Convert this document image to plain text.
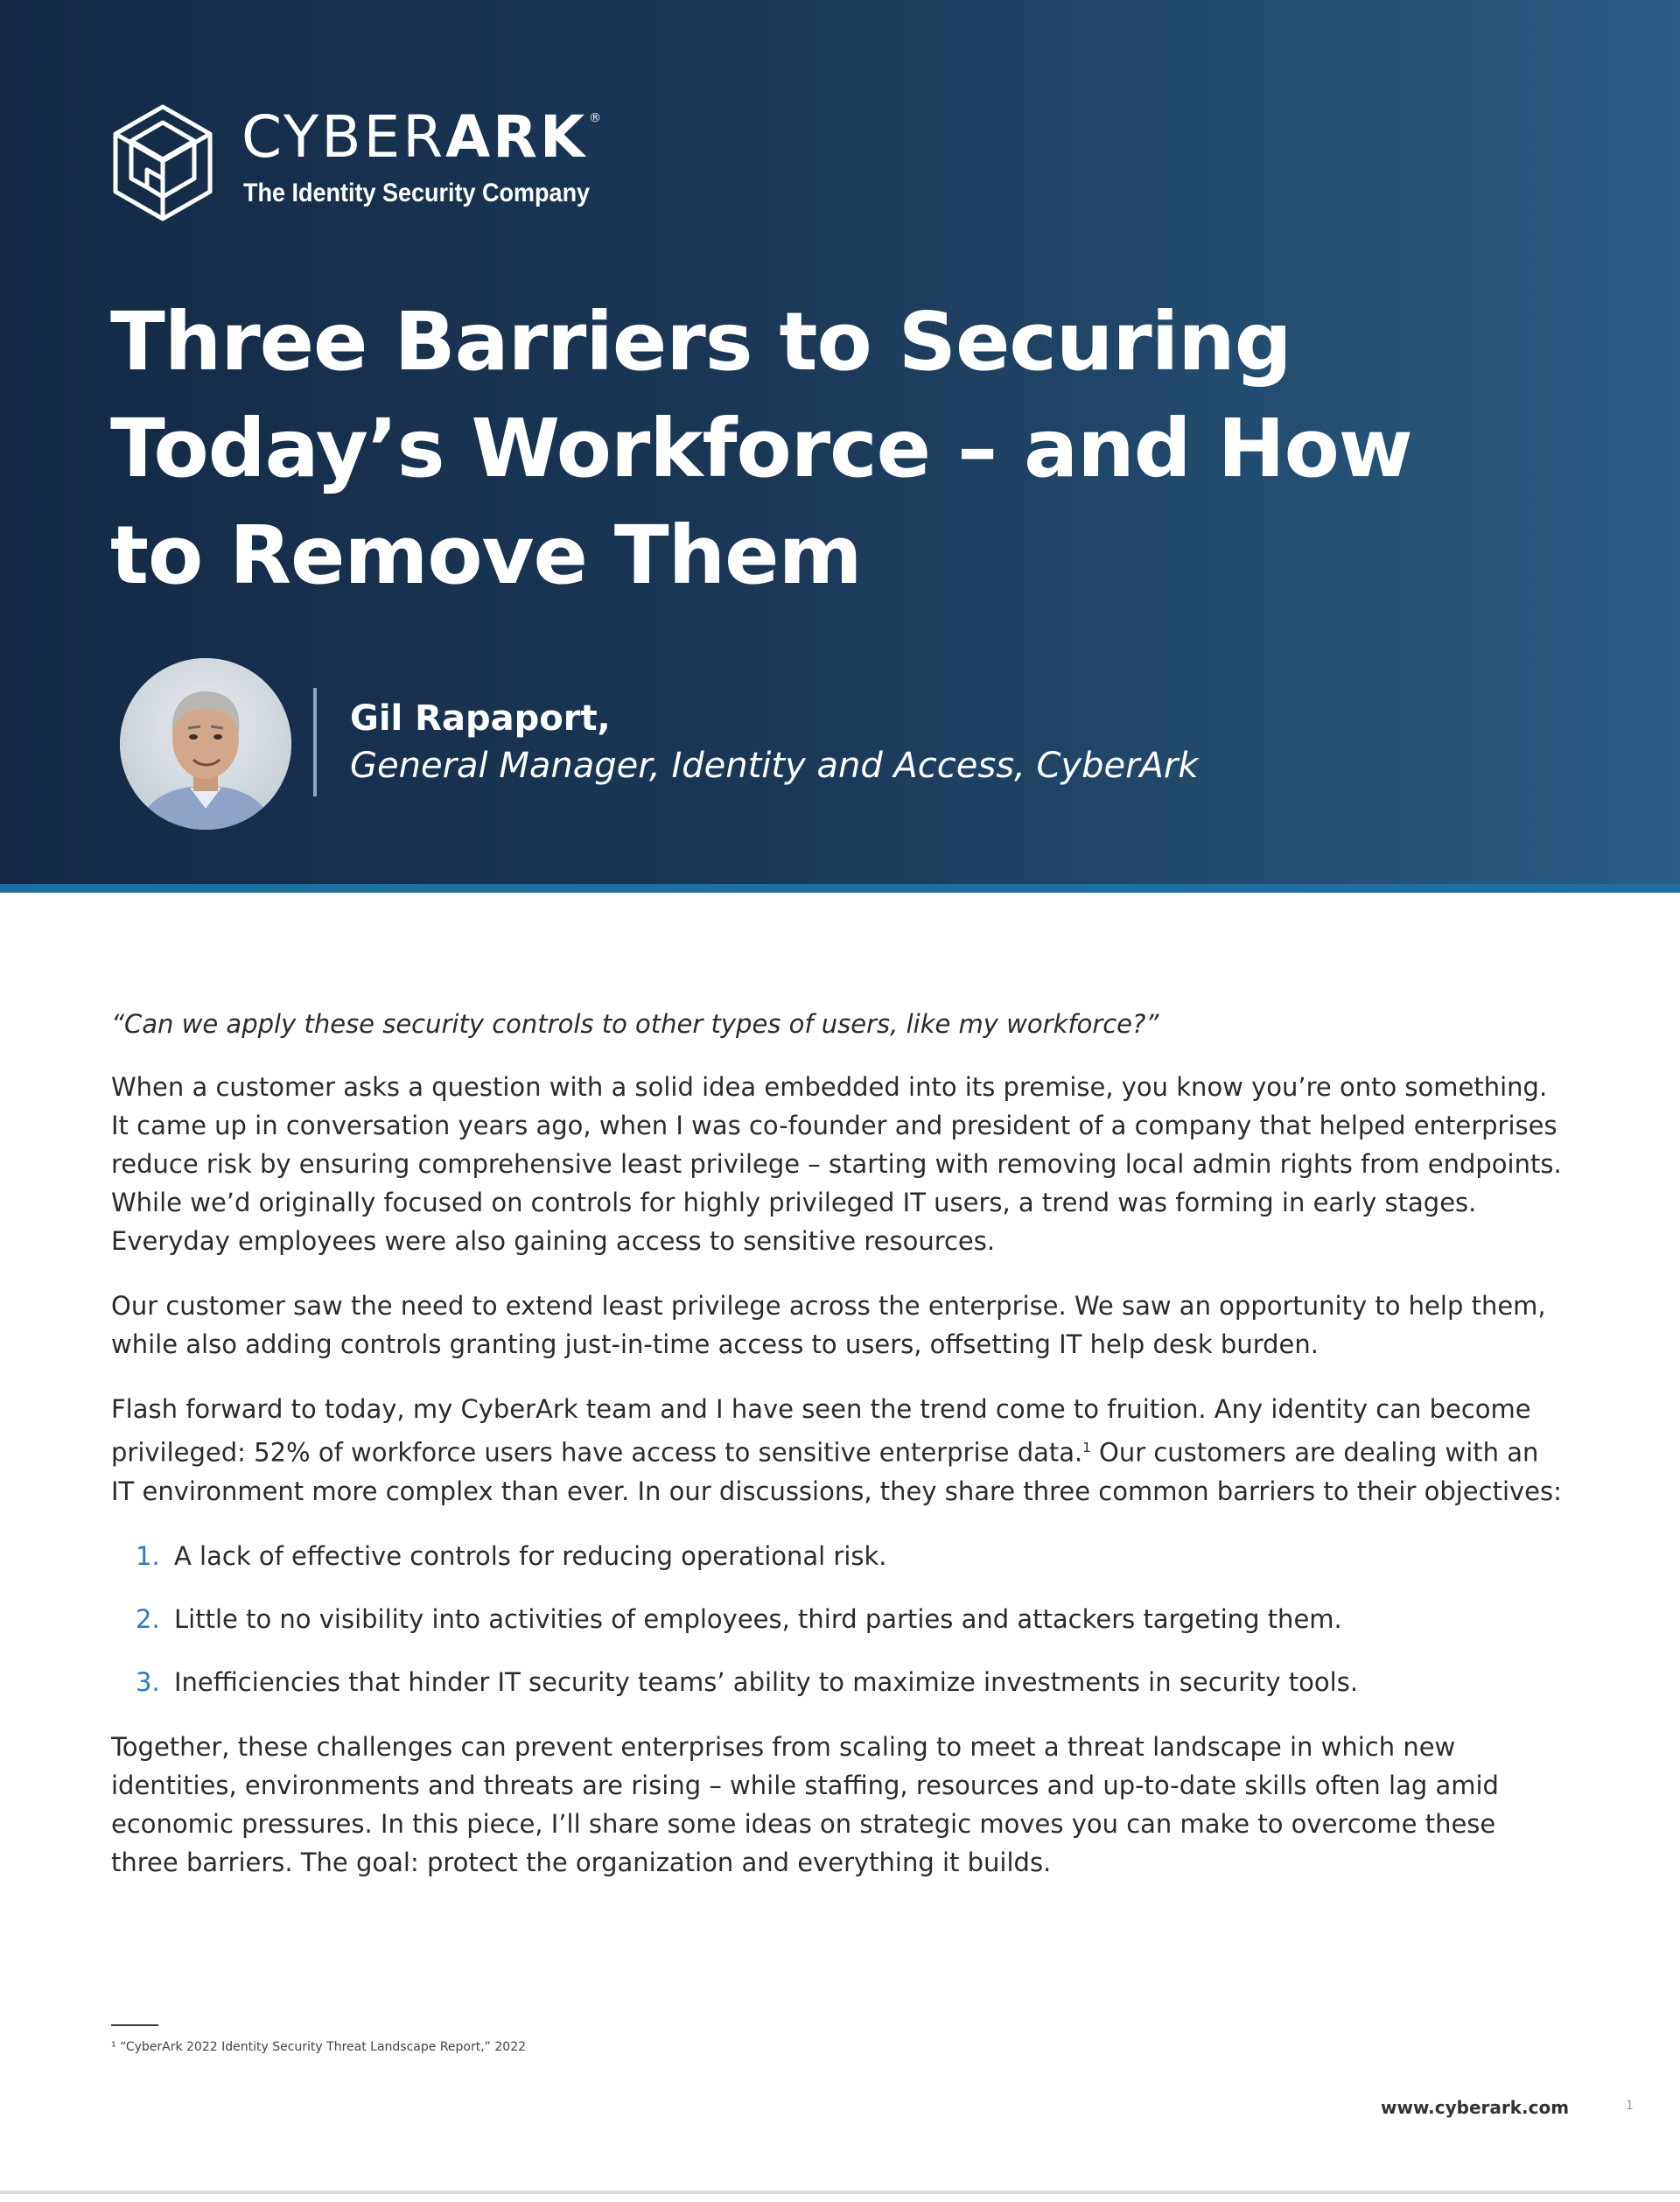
CYBERARK ®
The Identity Security Company
Three Barriers to Securing
Today’s Workforce – and How
to Remove Them
Gil Rapaport,
General Manager, Identity and Access, CyberArk

“Can we apply these security controls to other types of users, like my workforce?”

When a customer asks a question with a solid idea embedded into its premise, you know you’re onto something. It came up in conversation years ago, when I was co-founder and president of a company that helped enterprises reduce risk by ensuring comprehensive least privilege – starting with removing local admin rights from endpoints. While we’d originally focused on controls for highly privileged IT users, a trend was forming in early stages. Everyday employees were also gaining access to sensitive resources.

Our customer saw the need to extend least privilege across the enterprise. We saw an opportunity to help them, while also adding controls granting just-in-time access to users, offsetting IT help desk burden.

Flash forward to today, my CyberArk team and I have seen the trend come to fruition. Any identity can become privileged: 52% of workforce users have access to sensitive enterprise data.$^1$ Our customers are dealing with an IT environment more complex than ever. In our discussions, they share three common barriers to their objectives:

1. A lack of effective controls for reducing operational risk.
2. Little to no visibility into activities of employees, third parties and attackers targeting them.
3. Inefficiencies that hinder IT security teams’ ability to maximize investments in security tools.

Together, these challenges can prevent enterprises from scaling to meet a threat landscape in which new identities, environments and threats are rising – while staffing, resources and up-to-date skills often lag amid economic pressures. In this piece, I’ll share some ideas on strategic moves you can make to overcome these three barriers. The goal: protect the organization and everything it builds.

¹ “CyberArk 2022 Identity Security Threat Landscape Report,” 2022
www.cyberark.com	1
